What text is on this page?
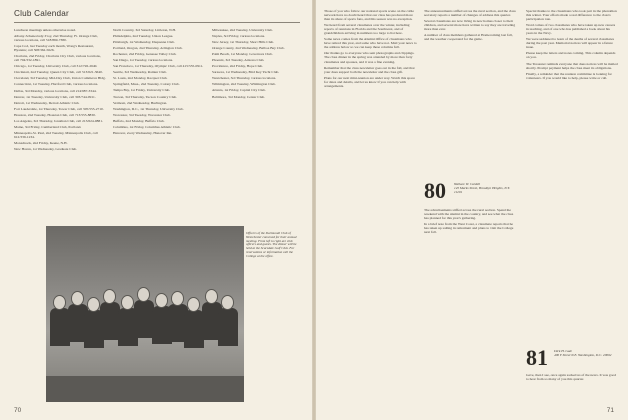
Club Calendar

Luncheon meetings unless otherwise noted.

Albany-Schenectady-Troy, 2nd Thursday, Ft. Orange Club, various locations, call 518/869-7380.

Cape Cod, last Tuesday each month, Wong's Restaurant, Hyannis; call 508/362-5626.

Charlotte, 2nd Friday, Charlotte City Club, various locations, call 704/332-1891.

Chicago, 1st Tuesday, University Club, call 312/726-2640.

Cincinnati, 2nd Tuesday, Queen City Club, call 513/621-3640.

Cleveland, 3rd Tuesday, Mid-Day Club, Union Commerce Bldg.

Connecticut, 1st Tuesday, Hartford Club, various locations.

Dallas, 3rd Monday, various locations, call 214/987-3344.

Denver, 1st Tuesday, University Club, call 303/744-0911.

Detroit, 1st Wednesday, Detroit Athletic Club.

Fort Lauderdale, 1st Thursday, Tower Club, call 305/555-2710.

Houston, 2nd Tuesday, Houston Club, call 713/555-8830.

Los Angeles, 3rd Thursday, Jonathan Club, call 213/624-0881.

Maine, 3rd Friday, Cumberland Club, Portland.

Minneapolis-St. Paul, 2nd Tuesday, Minneapolis Club, call 612/339-1234.

Monadnock, 2nd Friday, Keene, N.H.

New Haven, 1st Wednesday, Graduate Club.

North Country, 3rd Saturday, Littleton, N.H.

Philadelphia, 2nd Tuesday, Union League.

Pittsburgh, 1st Wednesday, Duquesne Club.

Portland, Oregon, 2nd Thursday, Arlington Club.

Rochester, 2nd Friday, Genesee Valley Club.

San Diego, 1st Tuesday, various locations.

San Francisco, 1st Thursday, Olympic Club, call 415/555-0911.

Seattle, 3rd Wednesday, Rainier Club.

St. Louis, 2nd Monday, Racquet Club.

Springfield, Mass., 2nd Tuesday, Colony Club.

Tampa Bay, 1st Friday, University Club.

Tucson, 3rd Thursday, Tucson Country Club.

Vermont, 2nd Wednesday, Burlington.

Washington, D.C., 1st Thursday, University Club.

Worcester, 3rd Tuesday, Worcester Club.

Buffalo, 2nd Monday, Buffalo Club.

Columbus, 1st Friday, Columbus Athletic Club.

Hanover, every Wednesday, Hanover Inn.

Milwaukee, 2nd Tuesday, University Club.

Naples, 3rd Friday, various locations.

New Jersey, 1st Thursday, Short Hills Club.

Orange County, 2nd Wednesday, Balboa Bay Club.

Palm Beach, 1st Monday, Governors Club.

Phoenix, 3rd Tuesday, Arizona Club.

Providence, 2nd Friday, Hope Club.

Sarasota, 1st Wednesday, Bird Key Yacht Club.

Westchester, 3rd Thursday, various locations.

Wilmington, 2nd Tuesday, Wilmington Club.

Atlanta, 1st Friday, Capital City Club.

Baltimore, 3rd Monday, Center Club.

Officers of the Dartmouth Club of Westchester convened for their annual meeting. From left to right are club officers and guests. The dinner will be held at the Scarsdale Golf Club. For reservations or information call the College at the office.
70

Those of you who follow our national sports scene on the cable network have no doubt heard that our class has produced more than its share of sports fans, and this season was no exception.

We heard from several classmates over the winter, including reports of reunions in Florida and the Southwest, and of grandchildren arriving in numbers too large to list here.

Some news comes from the Alumni Office of classmates who have retired this year, and some who have not. Mail your news to the address below so we can keep these columns full.

Our thanks go to everyone who sent photographs and clippings. The class dinner in the spring was attended by more than forty classmates and spouses, and it was a fine evening.

Remember that the class newsletter goes out in the fall, and that your dues support both the newsletter and the class gift.

Plans for our next mini-reunion are under way. Watch this space for dates and details, and let us know if you can help with arrangements.

The announcements stiffed across the rural section, and the class secretary reports a number of changes of address this quarter.

Several classmates are now living in new homes closer to their children, and several more have written to say they are traveling more than ever.

A number of class members gathered at Homecoming last fall, and the weather cooperated for the game.

80 Wallace W. Cardell
145 Marks Street, Brooklyn Heights, N.Y. 11201

The advertisements stiffed across the rural section. Spend the weekend with the alumni in the country, and see what the class has planned for this year's gathering.

In a brief note from the West Coast, a classmate reports that he has taken up sailing in retirement and plans to visit the College next fall.

Special thanks to the classmates who took part in the phonathon this winter. Your efforts made a real difference to the class's participation rate.

Word comes of two classmates who have taken up new careers in teaching, and of one who has published a book about his years in the Navy.

We were saddened to learn of the deaths of several classmates during the past year. Memorial notices will appear in a future issue.

Please keep the letters and notes coming. This column depends on you.

The Treasurer reminds everyone that dues notices will be mailed shortly. Prompt payment helps the class meet its obligations.

Finally, a reminder that the reunion committee is looking for volunteers. If you would like to help, please write or call.

81 Dick H. Gale
400 Y Street N.E. Washington, D.C. 20002

Gave, then I see, once again sacked us of the news. It was good to hear from so many of you this quarter.

71
